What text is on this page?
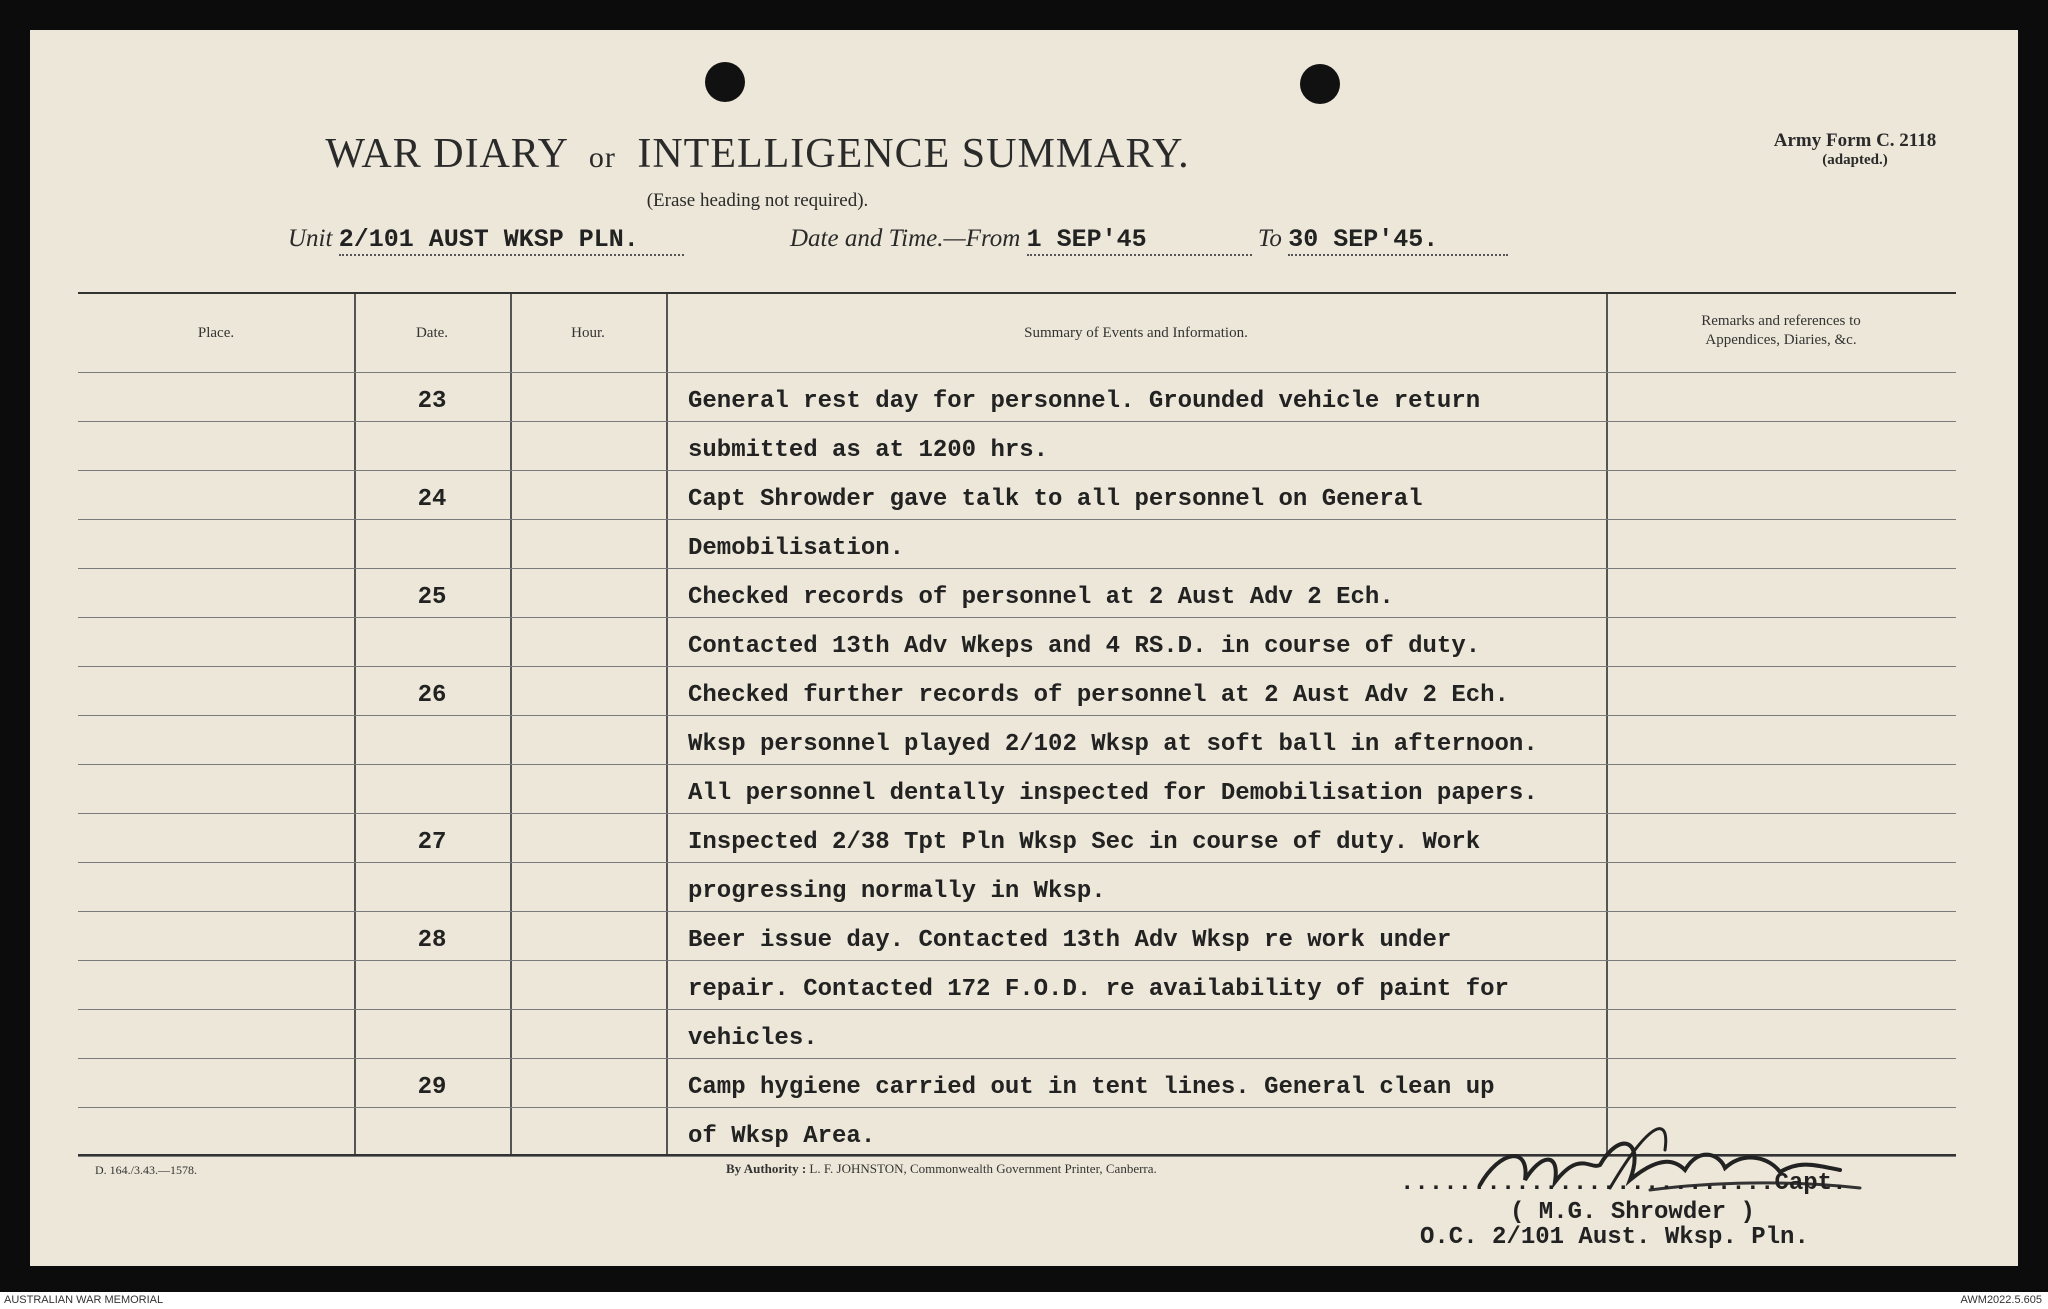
WAR DIARY or INTELLIGENCE SUMMARY.
(Erase heading not required).
Army Form C. 2118
(adapted.)
Unit 2/101 AUST WKSP PLN.	Date and Time.—From 1 SEP'45	To 30 SEP'45.
Place.	Date.	Hour.	Summary of Events and Information.
Remarks and references to
Appendices, Diaries, &c.
23	General rest day for personnel. Grounded vehicle return
submitted as at 1200 hrs.
24	Capt Shrowder gave talk to all personnel on General
Demobilisation.
25	Checked records of personnel at 2 Aust Adv 2 Ech.
Contacted 13th Adv Wkeps and 4 RS.D. in course of duty.
26	Checked further records of personnel at 2 Aust Adv 2 Ech.
Wksp personnel played 2/102 Wksp at soft ball in afternoon.
All personnel dentally inspected for Demobilisation papers.
27	Inspected 2/38 Tpt Pln Wksp Sec in course of duty. Work
progressing normally in Wksp.
28	Beer issue day. Contacted 13th Adv Wksp re work under
repair. Contacted 172 F.O.D. re availability of paint for
vehicles.
29	Camp hygiene carried out in tent lines. General clean up
of Wksp Area.
D. 164./3.43.—1578.	By Authority : L. F. JOHNSTON, Commonwealth Government Printer, Canberra.
..........................Capt.
( M.G. Shrowder )
O.C. 2/101 Aust. Wksp. Pln.
AUSTRALIAN WAR MEMORIAL	AWM2022.5.605
